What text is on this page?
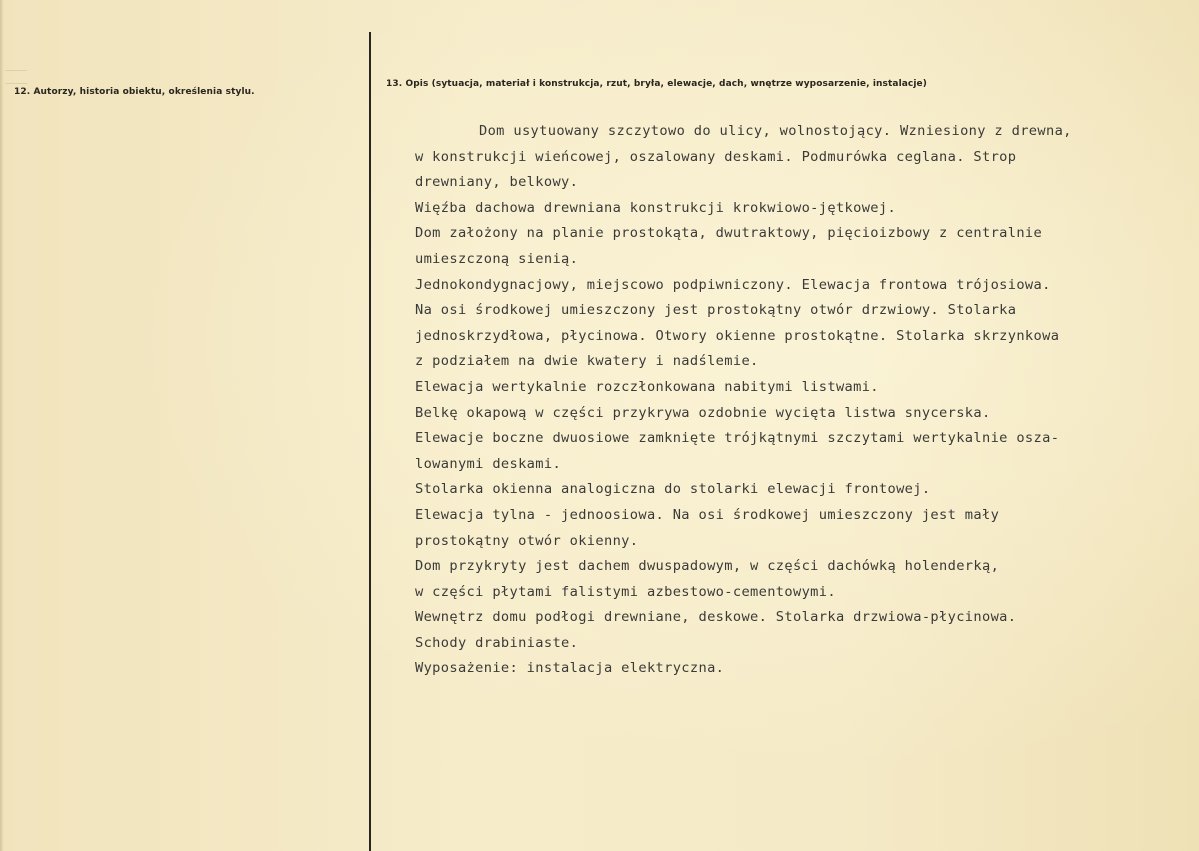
12. Autorzy, historia obiektu, określenia stylu.
13. Opis (sytuacja, materiał i konstrukcja, rzut, bryła, elewacje, dach, wnętrze wyposarzenie, instalacje)
Dom usytuowany szczytowo do ulicy, wolnostojący. Wzniesiony z drewna,
w konstrukcji wieńcowej, oszalowany deskami. Podmurówka ceglana. Strop
drewniany, belkowy.
Więźba dachowa drewniana konstrukcji krokwiowo-jętkowej.
Dom założony na planie prostokąta, dwutraktowy, pięcioizbowy z centralnie
umieszczoną sienią.
Jednokondygnacjowy, miejscowo podpiwniczony. Elewacja frontowa trójosiowa.
Na osi środkowej umieszczony jest prostokątny otwór drzwiowy. Stolarka
jednoskrzydłowa, płycinowa. Otwory okienne prostokątne. Stolarka skrzynkowa
z podziałem na dwie kwatery i nadślemie.
Elewacja wertykalnie rozczłonkowana nabitymi listwami.
Belkę okapową w części przykrywa ozdobnie wycięta listwa snycerska.
Elewacje boczne dwuosiowe zamknięte trójkątnymi szczytami wertykalnie osza-
lowanymi deskami.
Stolarka okienna analogiczna do stolarki elewacji frontowej.
Elewacja tylna - jednoosiowa. Na osi środkowej umieszczony jest mały
prostokątny otwór okienny.
Dom przykryty jest dachem dwuspadowym, w części dachówką holenderką,
w części płytami falistymi azbestowo-cementowymi.
Wewnętrz domu podłogi drewniane, deskowe. Stolarka drzwiowa-płycinowa.
Schody drabiniaste.
Wyposażenie: instalacja elektryczna.
